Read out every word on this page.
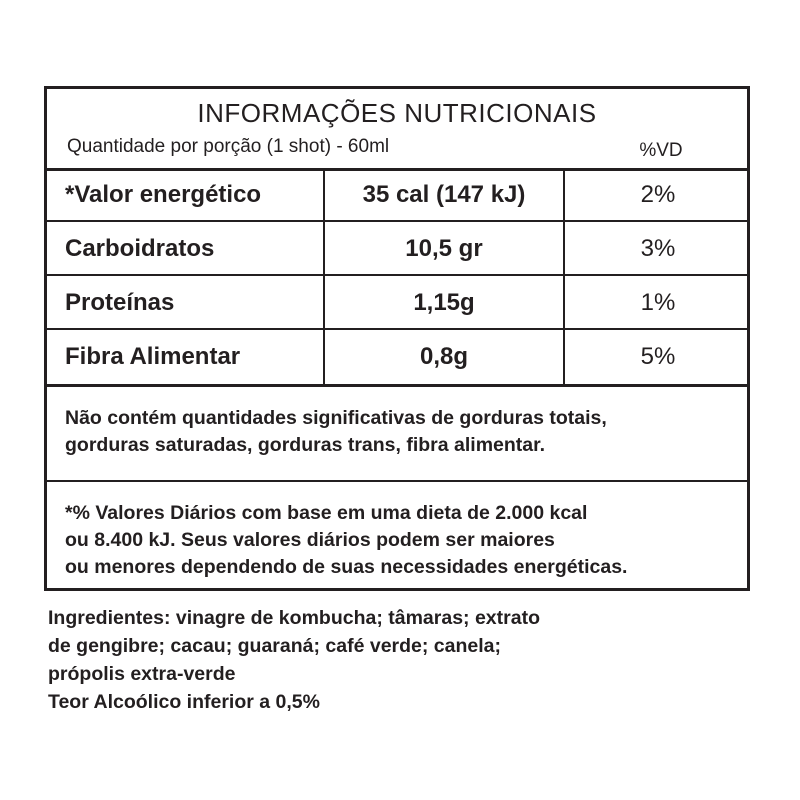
INFORMAÇÕES NUTRICIONAIS
Quantidade por porção (1 shot) - 60ml	%VD
*Valor energético	35 cal (147 kJ)	2%
Carboidratos	10,5 gr	3%
Proteínas	1,15g	1%
Fibra Alimentar	0,8g	5%
Não contém quantidades significativas de gorduras totais,
gorduras saturadas, gorduras trans, fibra alimentar.
*% Valores Diários com base em uma dieta de 2.000 kcal
ou 8.400 kJ. Seus valores diários podem ser maiores
ou menores dependendo de suas necessidades energéticas.
Ingredientes: vinagre de kombucha; tâmaras; extrato
de gengibre; cacau; guaraná; café verde; canela;
própolis extra-verde
Teor Alcoólico inferior a 0,5%
